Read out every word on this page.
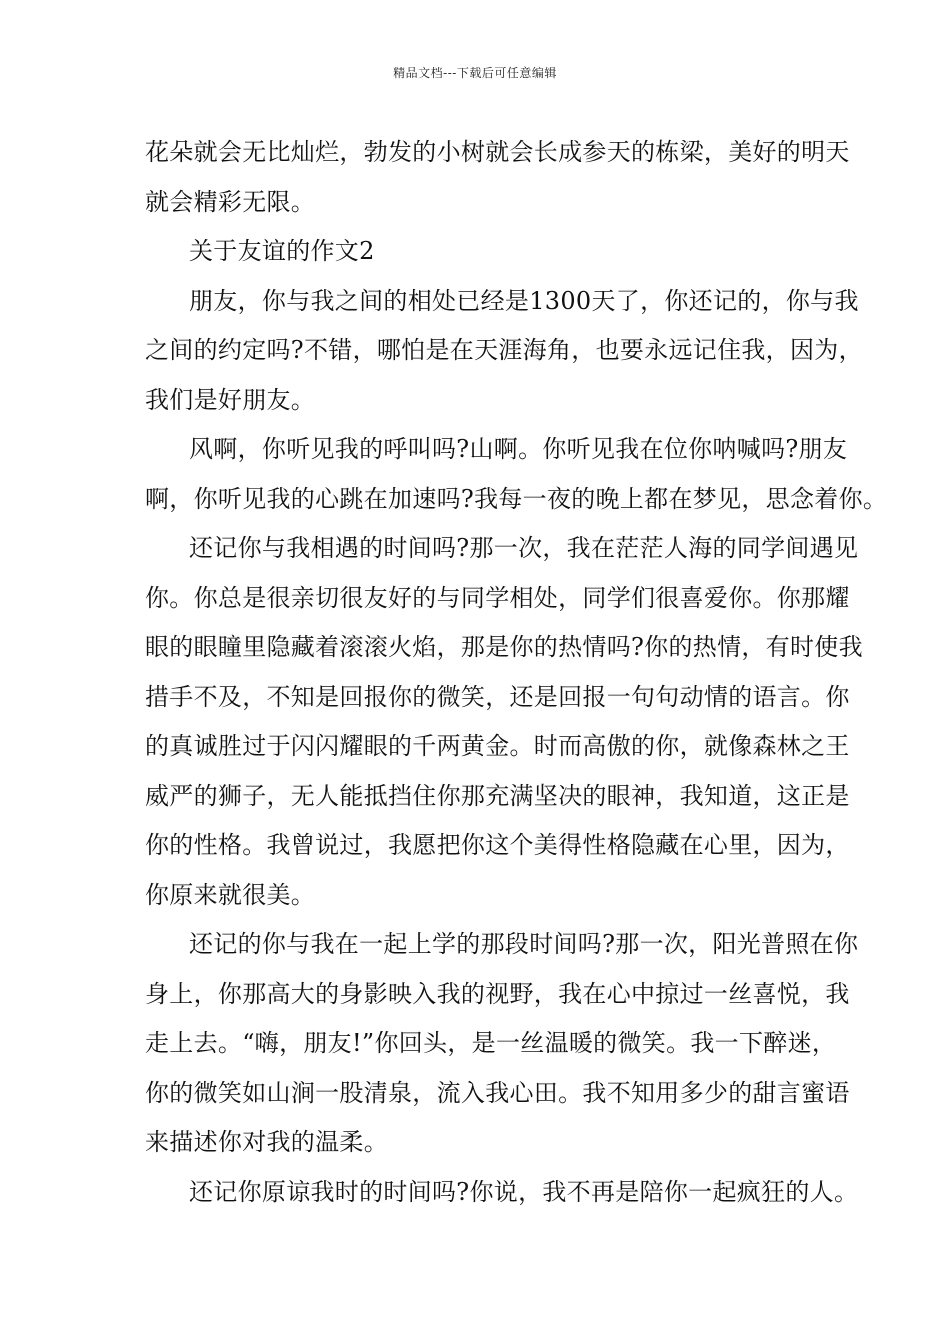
精品文档---下载后可任意编辑
花朵就会无比灿烂，勃发的小树就会长成参天的栋梁，美好的明天
就会精彩无限。
关于友谊的作文2
朋友，你与我之间的相处已经是1300天了，你还记的，你与我
之间的约定吗?不错，哪怕是在天涯海角，也要永远记住我，因为，
我们是好朋友。
风啊，你听见我的呼叫吗?山啊。你听见我在位你呐喊吗?朋友
啊，你听见我的心跳在加速吗?我每一夜的晚上都在梦见，思念着你。
还记你与我相遇的时间吗?那一次，我在茫茫人海的同学间遇见
你。你总是很亲切很友好的与同学相处，同学们很喜爱你。你那耀
眼的眼瞳里隐藏着滚滚火焰，那是你的热情吗?你的热情，有时使我
措手不及，不知是回报你的微笑，还是回报一句句动情的语言。你
的真诚胜过于闪闪耀眼的千两黄金。时而高傲的你，就像森林之王
威严的狮子，无人能抵挡住你那充满坚决的眼神，我知道，这正是
你的性格。我曾说过，我愿把你这个美得性格隐藏在心里，因为，
你原来就很美。
还记的你与我在一起上学的那段时间吗?那一次，阳光普照在你
身上，你那高大的身影映入我的视野，我在心中掠过一丝喜悦，我
走上去。“嗨，朋友!”你回头，是一丝温暖的微笑。我一下醉迷，
你的微笑如山涧一股清泉，流入我心田。我不知用多少的甜言蜜语
来描述你对我的温柔。
还记你原谅我时的时间吗?你说，我不再是陪你一起疯狂的人。
